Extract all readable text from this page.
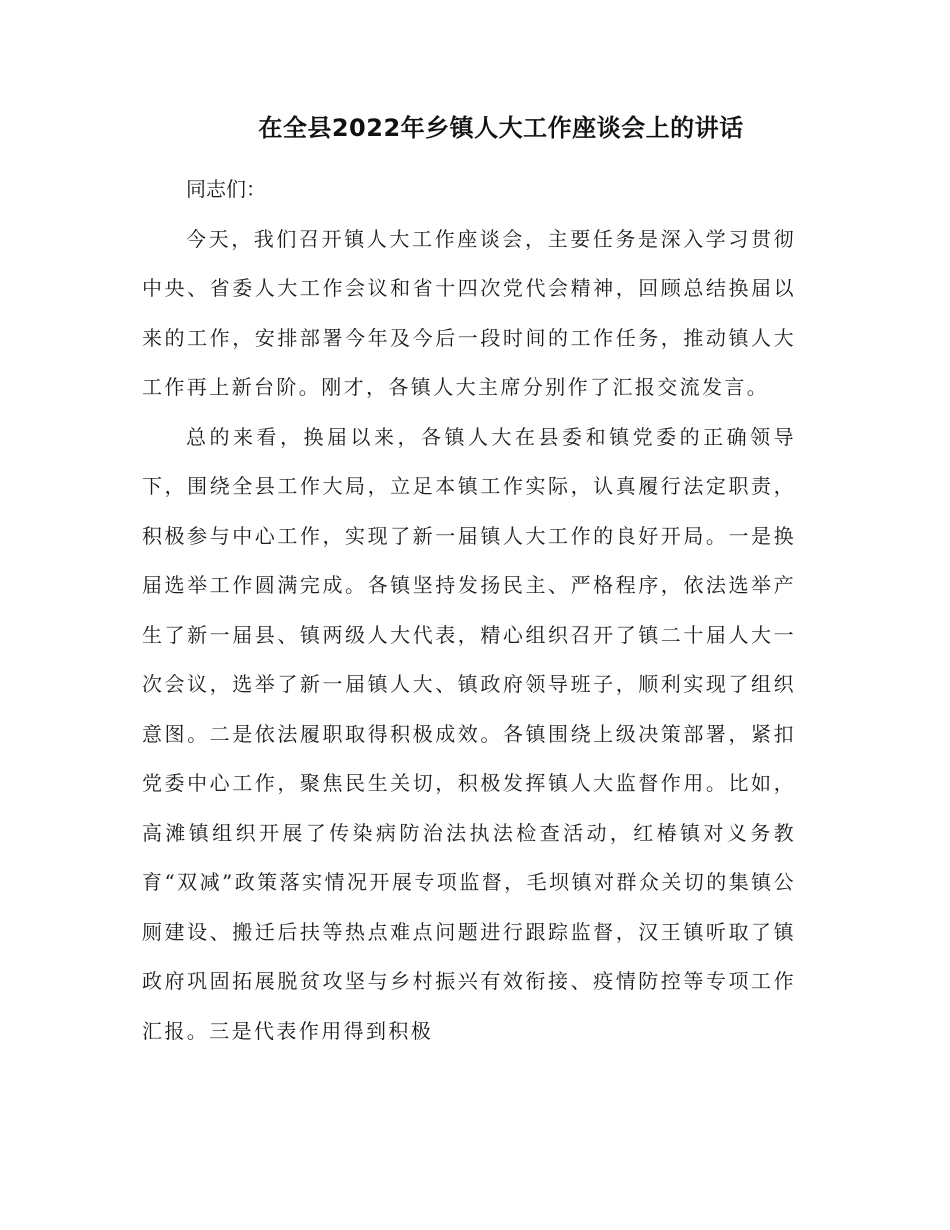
在全县2022年乡镇人大工作座谈会上的讲话

同志们：

今天，我们召开镇人大工作座谈会，主要任务是深入学习贯彻中央、省委人大工作会议和省十四次党代会精神，回顾总结换届以来的工作，安排部署今年及今后一段时间的工作任务，推动镇人大工作再上新台阶。刚才，各镇人大主席分别作了汇报交流发言。

总的来看，换届以来，各镇人大在县委和镇党委的正确领导下，围绕全县工作大局，立足本镇工作实际，认真履行法定职责，积极参与中心工作，实现了新一届镇人大工作的良好开局。一是换届选举工作圆满完成。各镇坚持发扬民主、严格程序，依法选举产生了新一届县、镇两级人大代表，精心组织召开了镇二十届人大一次会议，选举了新一届镇人大、镇政府领导班子，顺利实现了组织意图。二是依法履职取得积极成效。各镇围绕上级决策部署，紧扣党委中心工作，聚焦民生关切，积极发挥镇人大监督作用。比如，高滩镇组织开展了传染病防治法执法检查活动，红椿镇对义务教育“双减”政策落实情况开展专项监督，毛坝镇对群众关切的集镇公厕建设、搬迁后扶等热点难点问题进行跟踪监督，汉王镇听取了镇政府巩固拓展脱贫攻坚与乡村振兴有效衔接、疫情防控等专项工作汇报。三是代表作用得到积极
